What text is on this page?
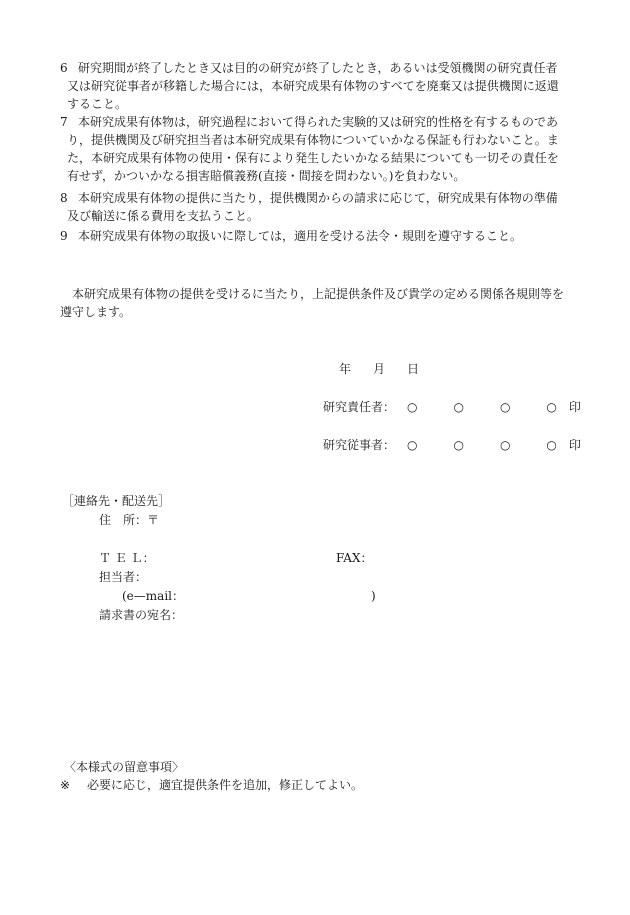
6 研究期間が終了したとき又は目的の研究が終了したとき，あるいは受領機関の研究責任者
又は研究従事者が移籍した場合には，本研究成果有体物のすべてを廃棄又は提供機関に返還
すること。
7 本研究成果有体物は，研究過程において得られた実験的又は研究的性格を有するものであ
り，提供機関及び研究担当者は本研究成果有体物についていかなる保証も行わないこと。ま
た，本研究成果有体物の使用・保有により発生したいかなる結果についても一切その責任を
有せず，かついかなる損害賠償義務(直接・間接を問わない。)を負わない。
8 本研究成果有体物の提供に当たり，提供機関からの請求に応じて，研究成果有体物の準備
及び輸送に係る費用を支払うこと。
9 本研究成果有体物の取扱いに際しては，適用を受ける法令・規則を遵守すること。
　本研究成果有体物の提供を受けるに当たり，上記提供条件及び貴学の定める関係各規則等を
遵守します。
年 月 日
研究責任者： ○　○　○　○印
研究従事者： ○　○　○　○印
［連絡先・配送先］
住　所：〒
Ｔ Ｅ Ｌ：	FAX：
担当者：
(e—mail：	)
請求書の宛名：
〈本様式の留意事項〉
※ 必要に応じ，適宜提供条件を追加，修正してよい。
